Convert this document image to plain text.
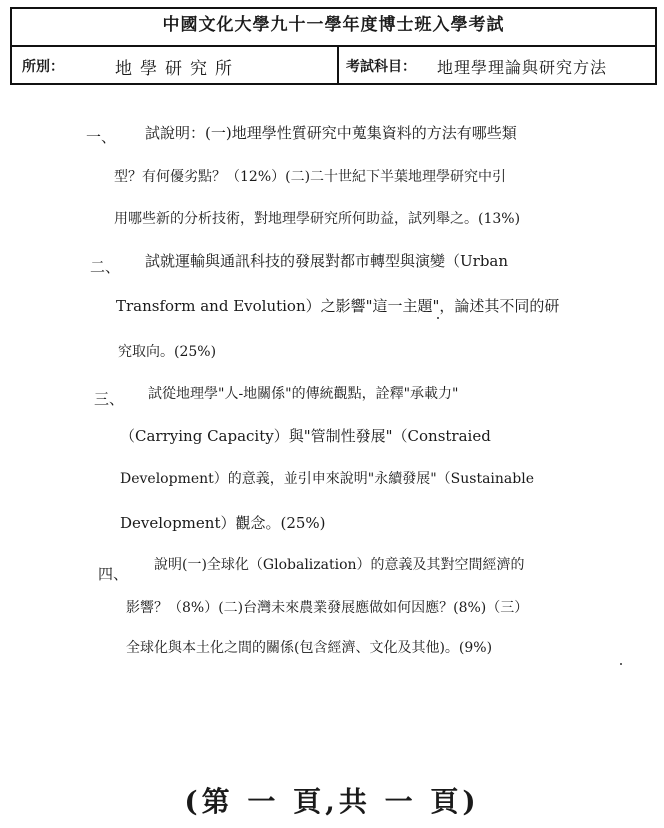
中國文化大學九十一學年度博士班入學考試
所別：	地學研究所	考試科目： 地理學理論與研究方法
一、 試說明：(一)地理學性質研究中蒐集資料的方法有哪些類
型？有何優劣點？（12%）(二)二十世紀下半葉地理學研究中引
用哪些新的分析技術，對地理學研究所何助益，試列舉之。(13%)
二、 試就運輸與通訊科技的發展對都市轉型與演變（Urban
Transform and Evolution）之影響"這一主題"，論述其不同的研
究取向。(25%)
三、 試從地理學"人-地關係"的傳統觀點，詮釋"承載力"
（Carrying Capacity）與"管制性發展"（Constraied
Development）的意義，並引申來說明"永續發展"（Sustainable
Development）觀念。(25%)
四、 說明(一)全球化（Globalization）的意義及其對空間經濟的
影響？（8%）(二)台灣未來農業發展應做如何因應？(8%)（三）
全球化與本土化之間的關係(包含經濟、文化及其他)。(9%)
(第 一 頁,共 一 頁)
